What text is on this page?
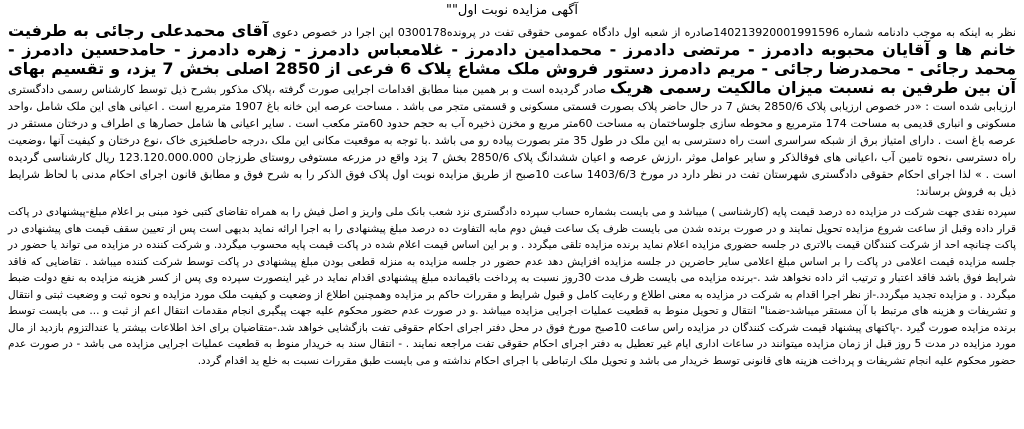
آگهی مزایده نوبت اول""

نظر به اینکه به موجب دادنامه شماره 140213920001991596صادره از شعبه اول دادگاه عمومی حقوقی تفت در پرونده0300178 این اجرا در خصوص دعوی آقای محمدعلی رجائی به طرفیت خانم ها و آقایان محبوبه دادمرز - مرتضی دادمرز - محمدامین دادمرز - غلامعباس دادمرز - زهره دادمرز - حامدحسین دادمرز - محمد رجائی - محمدرضا رجائی - مریم دادمرز دستور فروش ملک مشاع پلاک 6 فرعی از 2850 اصلی بخش 7 یزد، و تقسیم بهای آن بین طرفین به نسبت میزان مالکیت رسمی هریک صادر گردیده است و بر همین مبنا مطابق اقدامات اجرایی صورت گرفته ،پلاک مذکور بشرح ذیل توسط کارشناس رسمی دادگستری ارزیابی شده است : «در خصوص ارزیابی پلاک 2850/6 بخش 7 در حال حاضر پلاک بصورت قسمتی مسکونی و قسمتی متجر می باشد . مساحت عرصه این خانه باغ 1907 مترمربع است . اعیانی های این ملک شامل ،واحد مسکونی و انباری قدیمی به مساحت 174 مترمربع و محوطه سازی جلوساختمان به مساحت 60متر مربع و مخزن ذخیره آب به حجم حدود 60متر مکعب است . سایر اعیانی ها شامل حصارها ی اطراف و درختان مستقر در عرصه باغ است . دارای امتیاز برق از شبکه سراسری است راه دسترسی به این ملک در طول 35 متر بصورت پیاده رو می باشد .با توجه به موقعیت مکانی این ملک ،درجه حاصلخیزی خاک ،نوع درختان و کیفیت آنها ،وضعیت راه دسترسی ،نحوه تامین آب ،اعیانی های فوقالذکر و سایر عوامل موثر ،ارزش عرصه و اعیان ششدانگ پلاک 2850/6 بخش 7 یزد واقع در مزرعه مستوفی روستای طرزجان 123.120.000.000 ریال کارشناسی گردیده است . » لذا اجرای احکام حقوقی دادگستری شهرستان تفت در نظر دارد در مورخ 1403/6/3 ساعت 10صبح از طریق مزایده نوبت اول پلاک فوق الذکر را به شرح فوق و مطابق قانون اجرای احکام مدنی با لحاظ شرایط ذیل به فروش برساند:

سپرده نقدی جهت شرکت در مزایده ده درصد قیمت پایه (کارشناسی ) میباشد و می بایست بشماره حساب سپرده دادگستری نزد شعب بانک ملی واریز و اصل فیش را به همراه تقاضای کتبی خود مبنی بر اعلام مبلغ-پیشنهادی در پاکت قرار داده وقبل از ساعت شروع مزایده تحویل نمایند و در صورت برنده شدن می بایست ظرف یک ساعت فیش دوم مابه التفاوت ده درصد مبلغ پیشنهادی را به اجرا ارائه نماید بدیهی است پس از تعیین سقف قیمت های پیشنهادی در پاکت چنانچه احد از شرکت کنندگان قیمت بالاتری در جلسه حضوری مزایده اعلام نماید برنده مزایده تلقی میگردد . و بر این اساس قیمت اعلام شده در پاکت قیمت پایه محسوب میگردد. و شرکت کننده در مزایده می تواند یا حضور در جلسه مزایده قیمت اعلامی در پاکت را بر اساس مبلغ اعلامی سایر حاضرین در جلسه مزایده افزایش دهد عدم حضور در جلسه مزایده به منزله قطعی بودن مبلغ پیشنهادی در پاکت توسط شرکت کننده میباشد . تقاضایی که فاقد شرایط فوق باشد فاقد اعتبار و ترتیب اثر داده نخواهد شد .-برنده مزایده می بایست ظرف مدت 30روز نسبت به پرداخت باقیمانده مبلغ پیشنهادی اقدام نماید در غیر اینصورت سپرده وی پس از کسر هزینه مزایده به نفع دولت ضبط میگردد . و مزایده تجدید میگردد.-از نظر اجرا اقدام به شرکت در مزایده به معنی اطلاع و رعایت کامل و قبول شرایط و مقررات حاکم بر مزایده وهمچنین اطلاع از وضعیت و کیفیت ملک مورد مزایده و نحوه ثبت و وضعیت ثبتی و انتقال و تشریفات و هزینه های مرتبط با آن مستقر میباشد-ضمنا" انتقال و تحویل منوط به قطعیت عملیات اجرایی مزایده میباشد .و در صورت عدم حضور محکوم علیه جهت پیگیری انجام مقدمات انتقال اعم از ثبت و ... می بایست توسط برنده مزایده صورت گیرد .-پاکتهای پیشنهاد قیمت شرکت کنندگان در مزایده راس ساعت 10صبح مورخ فوق در محل دفتر اجرای احکام حقوقی تفت بازگشایی خواهد شد.-متقاضیان برای اخذ اطلاعات بیشتر یا عندالتزوم بازدید از مال مورد مزایده در مدت 5 روز قبل از زمان مزایده میتوانند در ساعات اداری ایام غیر تعطیل به دفتر اجرای احکام حقوقی تفت مراجعه نمایند . - انتقال سند به خریدار منوط به قطعیت عملیات اجرایی مزایده می باشد - در صورت عدم حضور محکوم علیه انجام تشریفات و پرداخت هزینه های قانونی توسط خریدار می باشد و تحویل ملک ارتباطی با اجرای احکام نداشته و می بایست طبق مقررات نسبت به خلع ید اقدام گردد.
